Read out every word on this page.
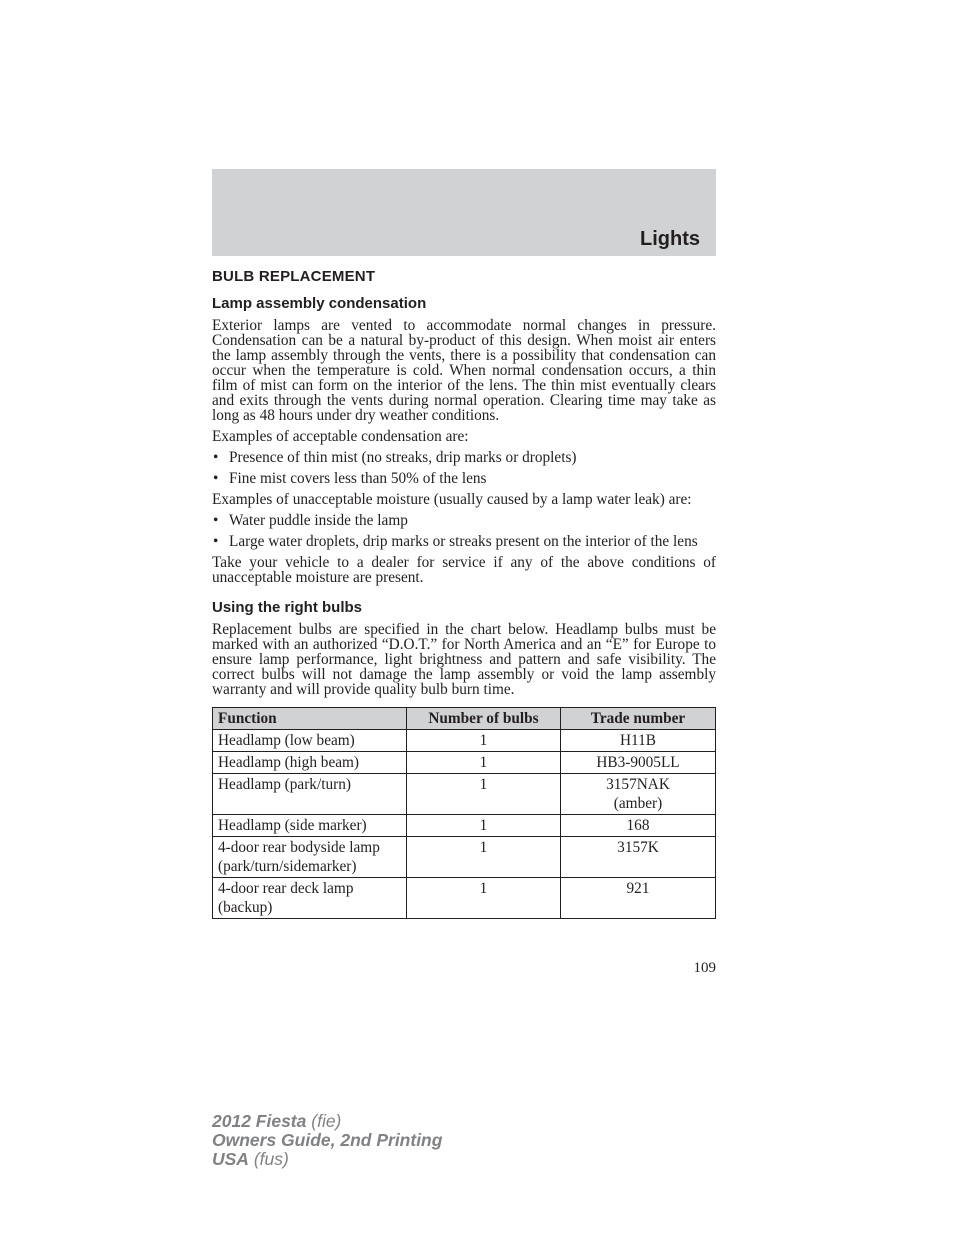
Lights
BULB REPLACEMENT
Lamp assembly condensation

Exterior lamps are vented to accommodate normal changes in pressure. Condensation can be a natural by-product of this design. When moist air enters the lamp assembly through the vents, there is a possibility that condensation can occur when the temperature is cold. When normal condensation occurs, a thin film of mist can form on the interior of the lens. The thin mist eventually clears and exits through the vents during normal operation. Clearing time may take as long as 48 hours under dry weather conditions.

Examples of acceptable condensation are:

• Presence of thin mist (no streaks, drip marks or droplets)
• Fine mist covers less than 50% of the lens

Examples of unacceptable moisture (usually caused by a lamp water leak) are:

• Water puddle inside the lamp
• Large water droplets, drip marks or streaks present on the interior of the lens

Take your vehicle to a dealer for service if any of the above conditions of unacceptable moisture are present.

Using the right bulbs

Replacement bulbs are specified in the chart below. Headlamp bulbs must be marked with an authorized “D.O.T.” for North America and an “E” for Europe to ensure lamp performance, light brightness and pattern and safe visibility. The correct bulbs will not damage the lamp assembly or void the lamp assembly warranty and will provide quality bulb burn time.

Function	Number of bulbs	Trade number
Headlamp (low beam)	1	H11B
Headlamp (high beam)	1	HB3-9005LL
Headlamp (park/turn)	1	3157NAK
(amber)

Headlamp (side marker)	1	168

4-door rear bodyside lamp
(park/turn/sidemarker)	1	3157K

4-door rear deck lamp
(backup)	1	921
109
2012 Fiesta (fie)
Owners Guide, 2nd Printing
USA (fus)
